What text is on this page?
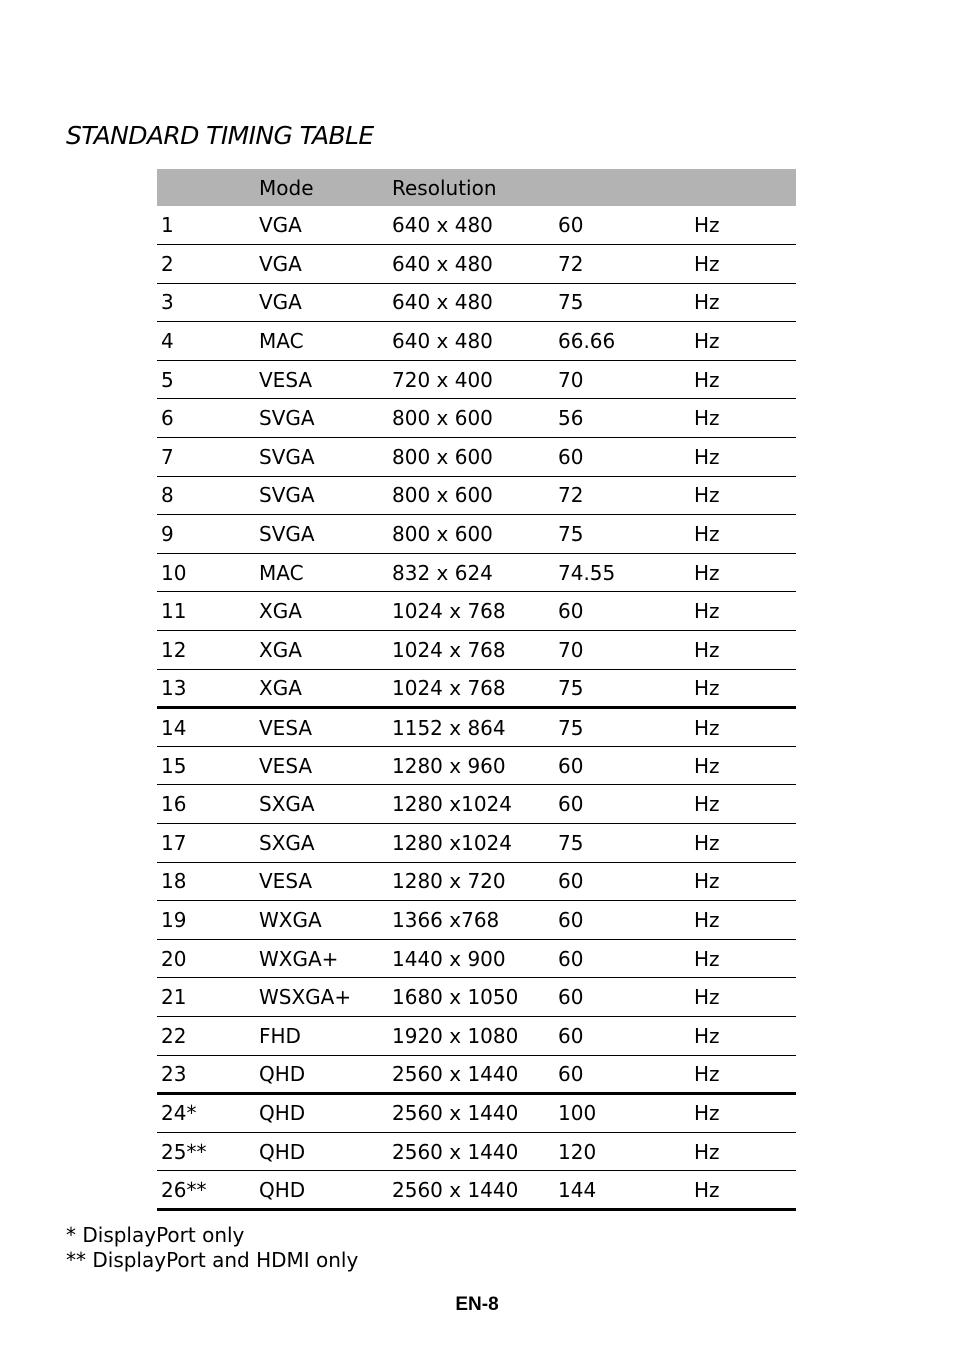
STANDARD TIMING TABLE
	Mode	Resolution		
1	VGA	640 x 480	60	Hz
2	VGA	640 x 480	72	Hz
3	VGA	640 x 480	75	Hz
4	MAC	640 x 480	66.66	Hz
5	VESA	720 x 400	70	Hz
6	SVGA	800 x 600	56	Hz
7	SVGA	800 x 600	60	Hz
8	SVGA	800 x 600	72	Hz
9	SVGA	800 x 600	75	Hz
10	MAC	832 x 624	74.55	Hz
11	XGA	1024 x 768	60	Hz
12	XGA	1024 x 768	70	Hz
13	XGA	1024 x 768	75	Hz
14	VESA	1152 x 864	75	Hz
15	VESA	1280 x 960	60	Hz
16	SXGA	1280 x1024	60	Hz
17	SXGA	1280 x1024	75	Hz
18	VESA	1280 x 720	60	Hz
19	WXGA	1366 x768	60	Hz
20	WXGA+	1440 x 900	60	Hz
21	WSXGA+	1680 x 1050	60	Hz
22	FHD	1920 x 1080	60	Hz
23	QHD	2560 x 1440	60	Hz
24*	QHD	2560 x 1440	100	Hz
25**	QHD	2560 x 1440	120	Hz
26**	QHD	2560 x 1440	144	Hz
* DisplayPort only
** DisplayPort and HDMI only
EN-8
